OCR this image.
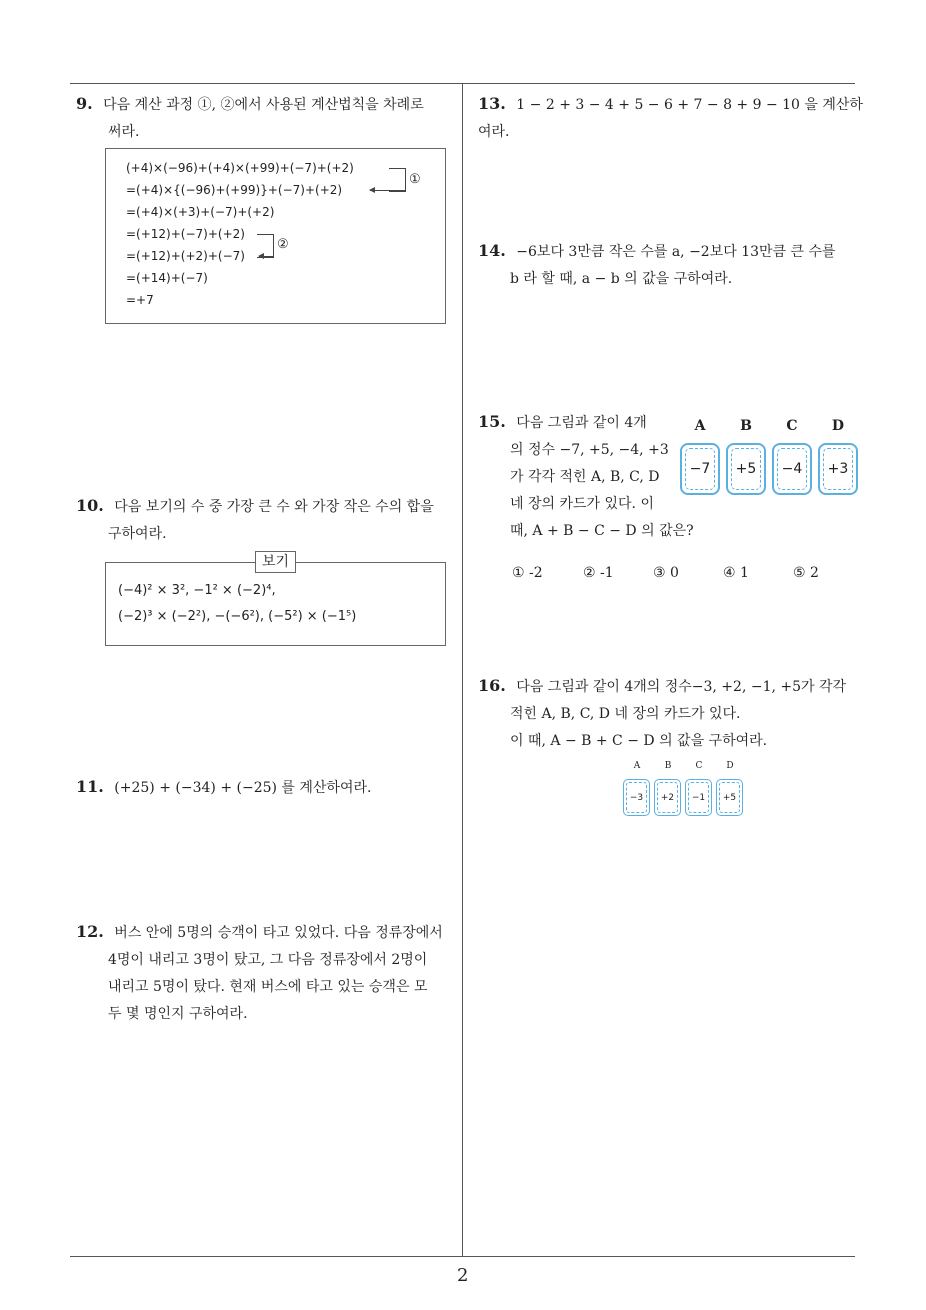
2
9. 다음 계산 과정 ①, ②에서 사용된 계산법칙을 차례로
써라.
(+4)×(−96)+(+4)×(+99)+(−7)+(+2)
=(+4)×{(−96)+(+99)}+(−7)+(+2)
=(+4)×(+3)+(−7)+(+2)
=(+12)+(−7)+(+2)
=(+12)+(+2)+(−7)
=(+14)+(−7)
=+7
①
②
10. 다음 보기의 수 중 가장 큰 수 와 가장 작은 수의 합을
구하여라.
(−4)² × 3², −1² × (−2)⁴,
(−2)³ × (−2²), −(−6²), (−5²) × (−1⁵)
보기
11. (+25) + (−34) + (−25) 를 계산하여라.
12. 버스 안에 5명의 승객이 타고 있었다. 다음 정류장에서
4명이 내리고 3명이 탔고, 그 다음 정류장에서 2명이
내리고 5명이 탔다. 현재 버스에 타고 있는 승객은 모
두 몇 명인지 구하여라.
13. 1 − 2 + 3 − 4 + 5 − 6 + 7 − 8 + 9 − 10 을 계산하여라.
14. −6보다 3만큼 작은 수를 a, −2보다 13만큼 큰 수를
b 라 할 때, a − b 의 값을 구하여라.
15. 다음 그림과 같이 4개
의 정수 −7, +5, −4, +3
가 각각 적힌 A, B, C, D
네 장의 카드가 있다. 이
때, A + B − C − D 의 값은?
A	B	C	D
−7	+5	−4	+3
① -2	② -1	③ 0	④ 1	⑤ 2
16. 다음 그림과 같이 4개의 정수−3, +2, −1, +5가 각각
적힌 A, B, C, D 네 장의 카드가 있다.
이 때, A − B + C − D 의 값을 구하여라.
A	B	C	D
−3	+2	−1	+5
